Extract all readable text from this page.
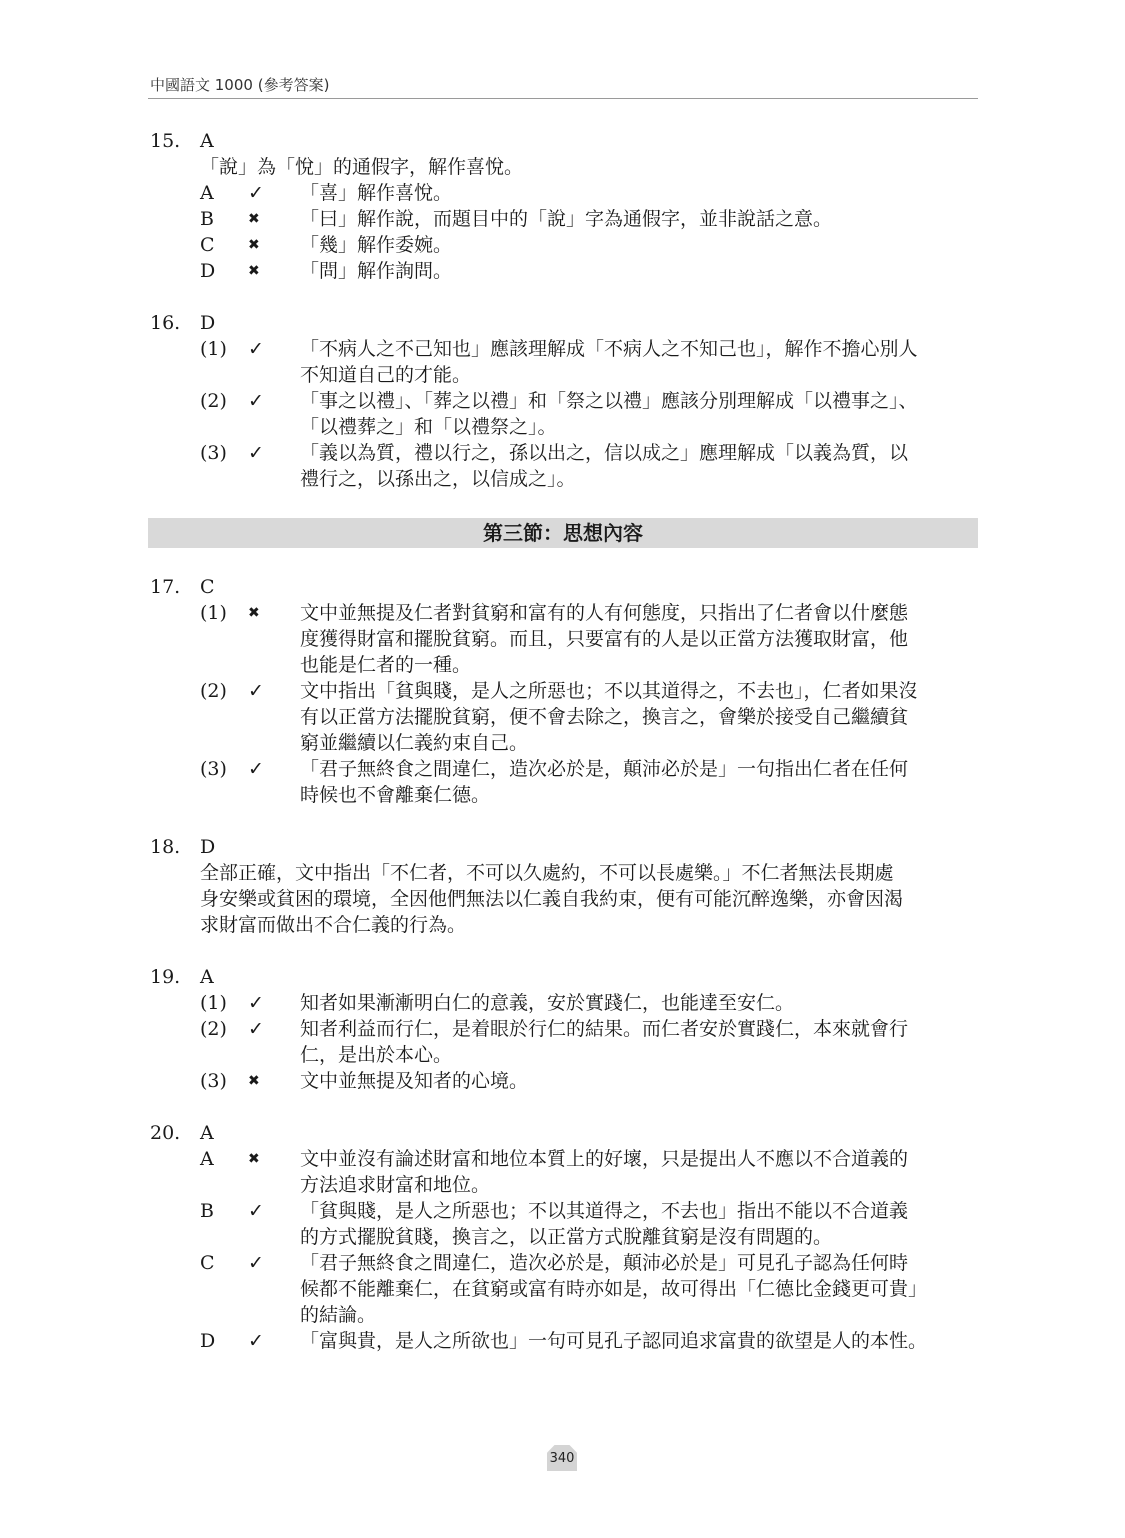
中國語文 1000 (參考答案)
15. A
「說」為「悅」的通假字，解作喜悅。
A ✓ 「喜」解作喜悅。
B ✖ 「曰」解作說，而題目中的「說」字為通假字，並非說話之意。
C ✖ 「幾」解作委婉。
D ✖ 「問」解作詢問。
16. D
(1) ✓ 「不病人之不己知也」應該理解成「不病人之不知己也」，解作不擔心別人
不知道自己的才能。
(2) ✓ 「事之以禮」、「葬之以禮」和「祭之以禮」應該分別理解成「以禮事之」、
「以禮葬之」和「以禮祭之」。
(3) ✓ 「義以為質，禮以行之，孫以出之，信以成之」應理解成「以義為質，以
禮行之，以孫出之，以信成之」。
第三節：思想內容
17. C
(1) ✖ 文中並無提及仁者對貧窮和富有的人有何態度，只指出了仁者會以什麼態
度獲得財富和擺脫貧窮。而且，只要富有的人是以正當方法獲取財富，他
也能是仁者的一種。
(2) ✓ 文中指出「貧與賤，是人之所惡也；不以其道得之，不去也」，仁者如果沒
有以正當方法擺脫貧窮，便不會去除之，換言之，會樂於接受自己繼續貧
窮並繼續以仁義約束自己。
(3) ✓ 「君子無終食之間違仁，造次必於是，顛沛必於是」一句指出仁者在任何
時候也不會離棄仁德。
18. D
全部正確，文中指出「不仁者，不可以久處約，不可以長處樂。」不仁者無法長期處
身安樂或貧困的環境，全因他們無法以仁義自我約束，便有可能沉醉逸樂，亦會因渴
求財富而做出不合仁義的行為。
19. A
(1) ✓ 知者如果漸漸明白仁的意義，安於實踐仁，也能達至安仁。
(2) ✓ 知者利益而行仁，是着眼於行仁的結果。而仁者安於實踐仁，本來就會行
仁，是出於本心。
(3) ✖ 文中並無提及知者的心境。
20. A
A ✖ 文中並沒有論述財富和地位本質上的好壞，只是提出人不應以不合道義的
方法追求財富和地位。
B ✓ 「貧與賤，是人之所惡也；不以其道得之，不去也」指出不能以不合道義
的方式擺脫貧賤，換言之，以正當方式脫離貧窮是沒有問題的。
C ✓ 「君子無終食之間違仁，造次必於是，顛沛必於是」可見孔子認為任何時
候都不能離棄仁，在貧窮或富有時亦如是，故可得出「仁德比金錢更可貴」
的結論。
D ✓ 「富與貴，是人之所欲也」一句可見孔子認同追求富貴的欲望是人的本性。
340
